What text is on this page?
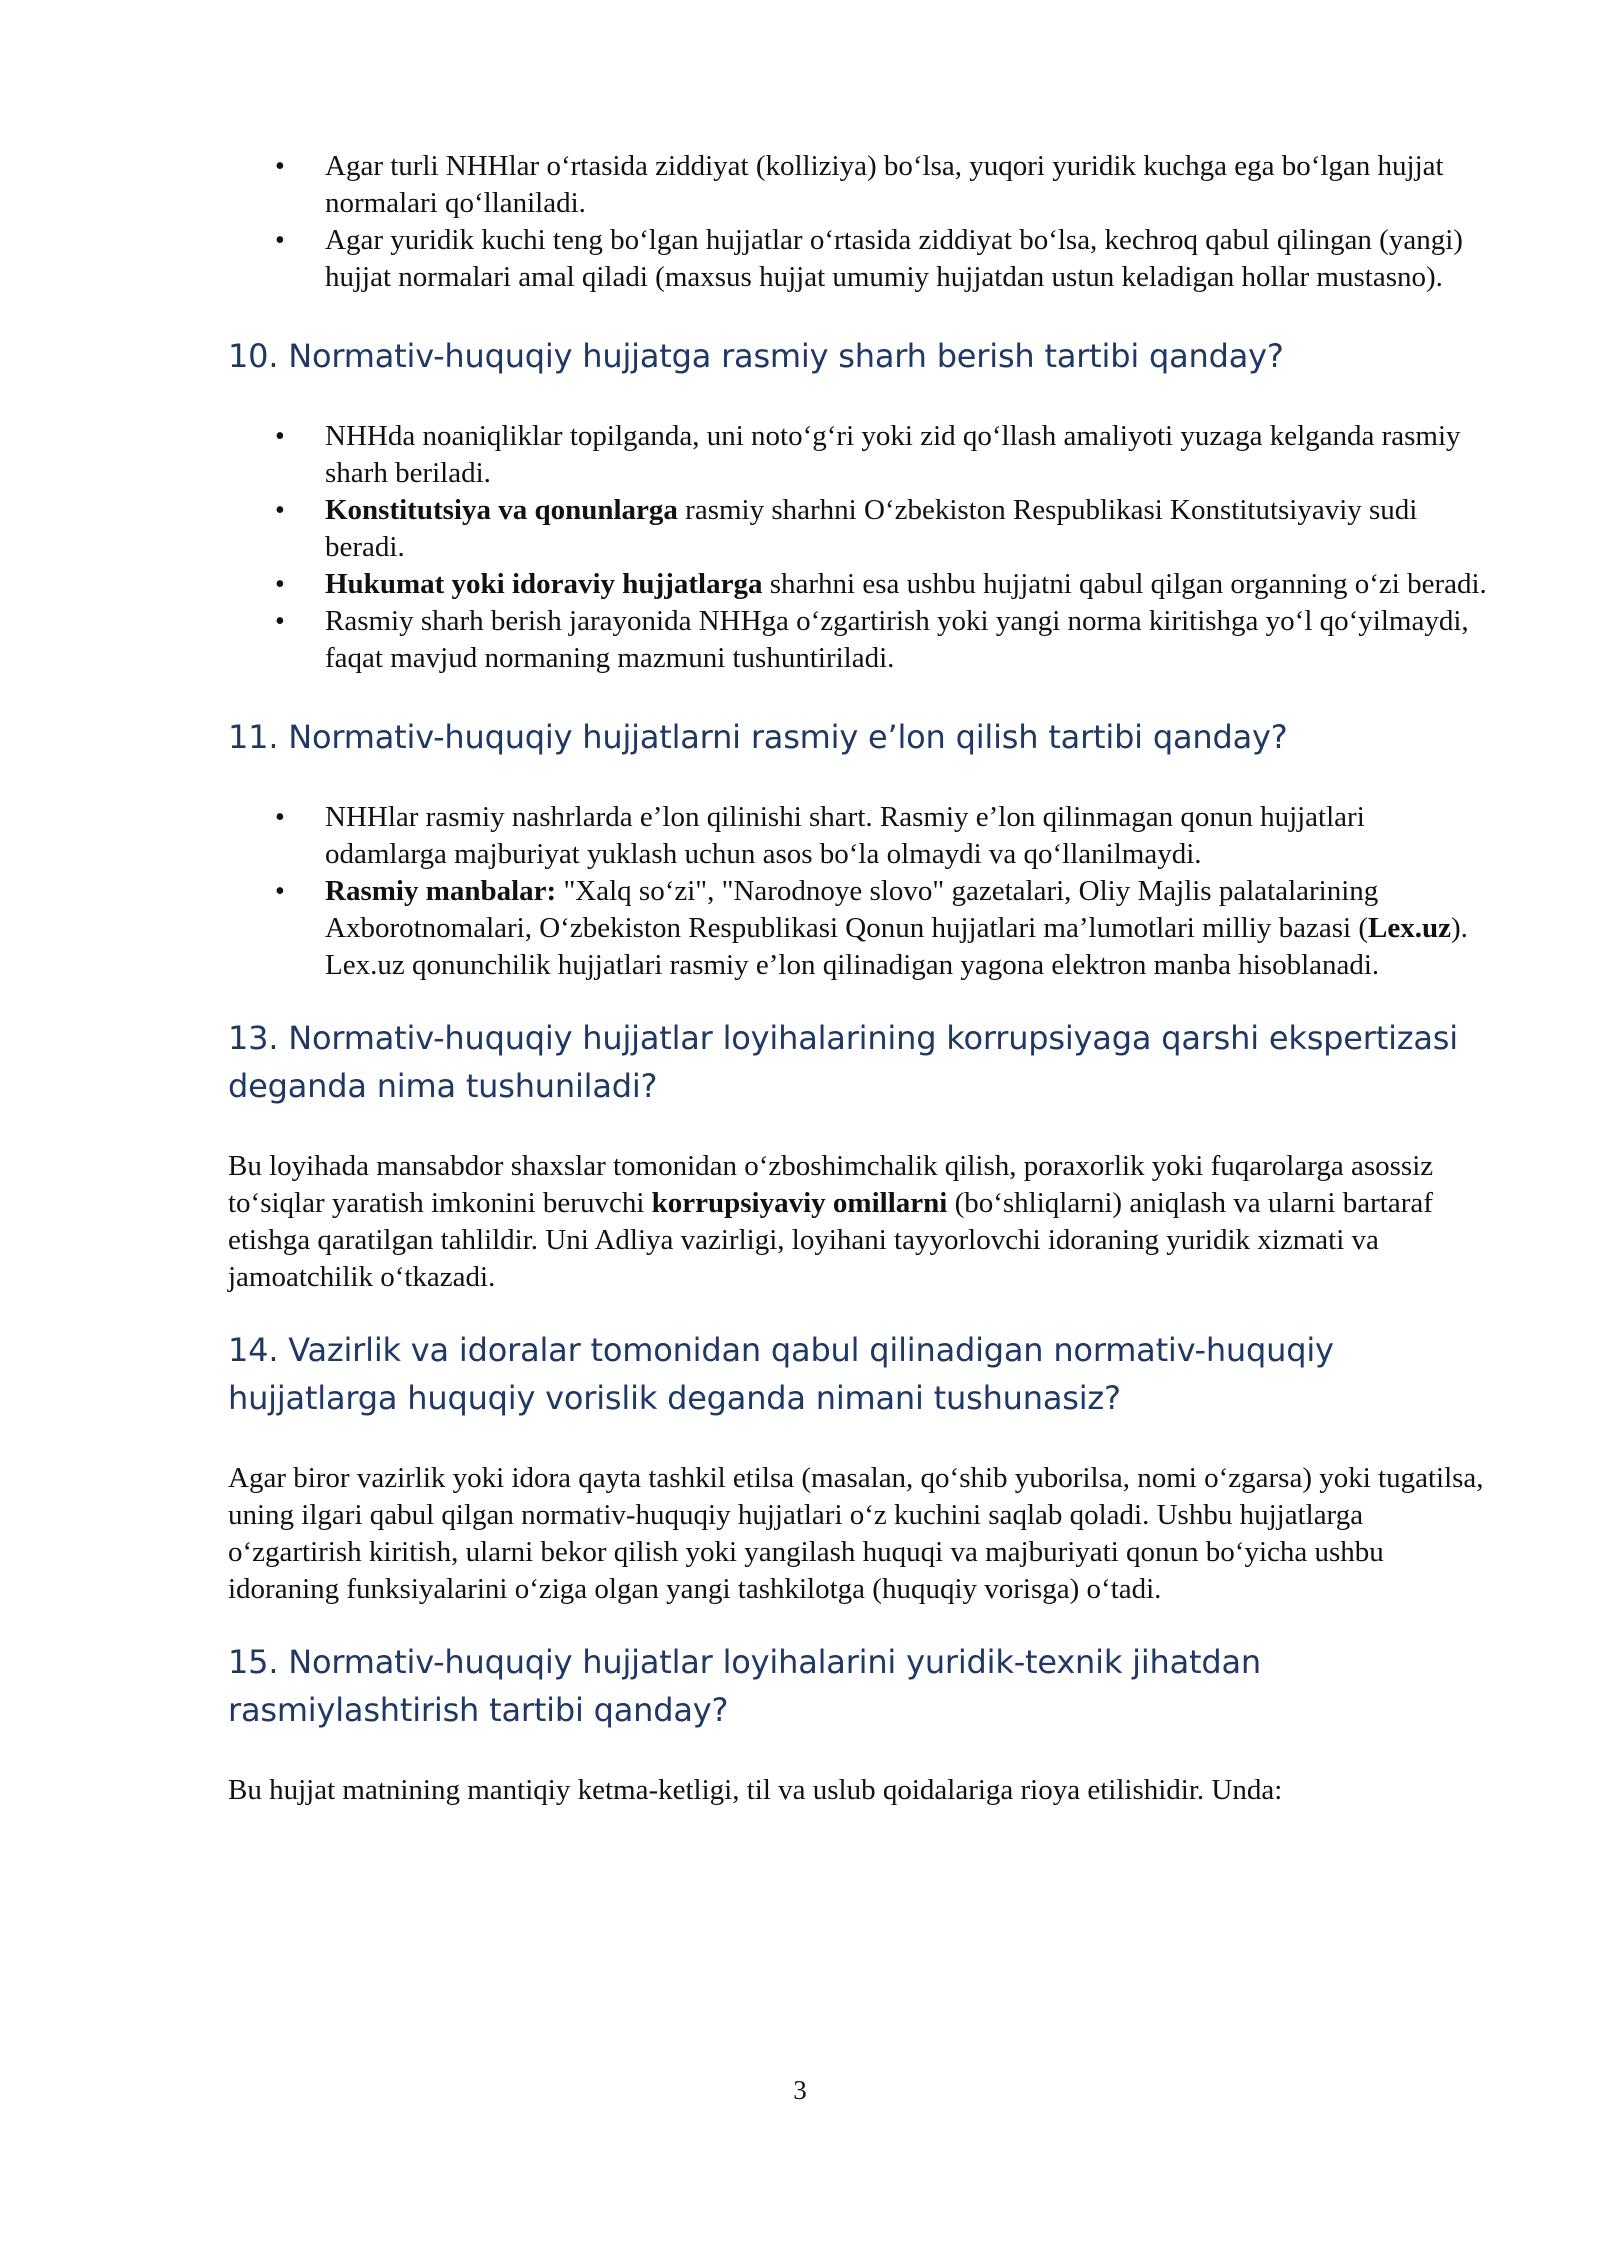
• Agar turli NHHlar o‘rtasida ziddiyat (kolliziya) bo‘lsa, yuqori yuridik kuchga ega bo‘lgan hujjat normalari qo‘llaniladi.
• Agar yuridik kuchi teng bo‘lgan hujjatlar o‘rtasida ziddiyat bo‘lsa, kechroq qabul qilingan (yangi) hujjat normalari amal qiladi (maxsus hujjat umumiy hujjatdan ustun keladigan hollar mustasno).
10. Normativ-huquqiy hujjatga rasmiy sharh berish tartibi qanday?
• NHHda noaniqliklar topilganda, uni noto‘g‘ri yoki zid qo‘llash amaliyoti yuzaga kelganda rasmiy sharh beriladi.
• Konstitutsiya va qonunlarga rasmiy sharhni O‘zbekiston Respublikasi Konstitutsiyaviy sudi beradi.
• Hukumat yoki idoraviy hujjatlarga sharhni esa ushbu hujjatni qabul qilgan organning o‘zi beradi.
• Rasmiy sharh berish jarayonida NHHga o‘zgartirish yoki yangi norma kiritishga yo‘l qo‘yilmaydi, faqat mavjud normaning mazmuni tushuntiriladi.
11. Normativ-huquqiy hujjatlarni rasmiy e’lon qilish tartibi qanday?
• NHHlar rasmiy nashrlarda e’lon qilinishi shart. Rasmiy e’lon qilinmagan qonun hujjatlari odamlarga majburiyat yuklash uchun asos bo‘la olmaydi va qo‘llanilmaydi.
• Rasmiy manbalar: "Xalq so‘zi", "Narodnoye slovo" gazetalari, Oliy Majlis palatalarining Axborotnomalari, O‘zbekiston Respublikasi Qonun hujjatlari ma’lumotlari milliy bazasi (Lex.uz). Lex.uz qonunchilik hujjatlari rasmiy e’lon qilinadigan yagona elektron manba hisoblanadi.
13. Normativ-huquqiy hujjatlar loyihalarining korrupsiyaga qarshi ekspertizasi deganda nima tushuniladi?

Bu loyihada mansabdor shaxslar tomonidan o‘zboshimchalik qilish, poraxorlik yoki fuqarolarga asossiz to‘siqlar yaratish imkonini beruvchi korrupsiyaviy omillarni (bo‘shliqlarni) aniqlash va ularni bartaraf etishga qaratilgan tahlildir. Uni Adliya vazirligi, loyihani tayyorlovchi idoraning yuridik xizmati va jamoatchilik o‘tkazadi.

14. Vazirlik va idoralar tomonidan qabul qilinadigan normativ-huquqiy hujjatlarga huquqiy vorislik deganda nimani tushunasiz?

Agar biror vazirlik yoki idora qayta tashkil etilsa (masalan, qo‘shib yuborilsa, nomi o‘zgarsa) yoki tugatilsa, uning ilgari qabul qilgan normativ-huquqiy hujjatlari o‘z kuchini saqlab qoladi. Ushbu hujjatlarga o‘zgartirish kiritish, ularni bekor qilish yoki yangilash huquqi va majburiyati qonun bo‘yicha ushbu idoraning funksiyalarini o‘ziga olgan yangi tashkilotga (huquqiy vorisga) o‘tadi.

15. Normativ-huquqiy hujjatlar loyihalarini yuridik-texnik jihatdan rasmiylashtirish tartibi qanday?

Bu hujjat matnining mantiqiy ketma-ketligi, til va uslub qoidalariga rioya etilishidir. Unda:

3
